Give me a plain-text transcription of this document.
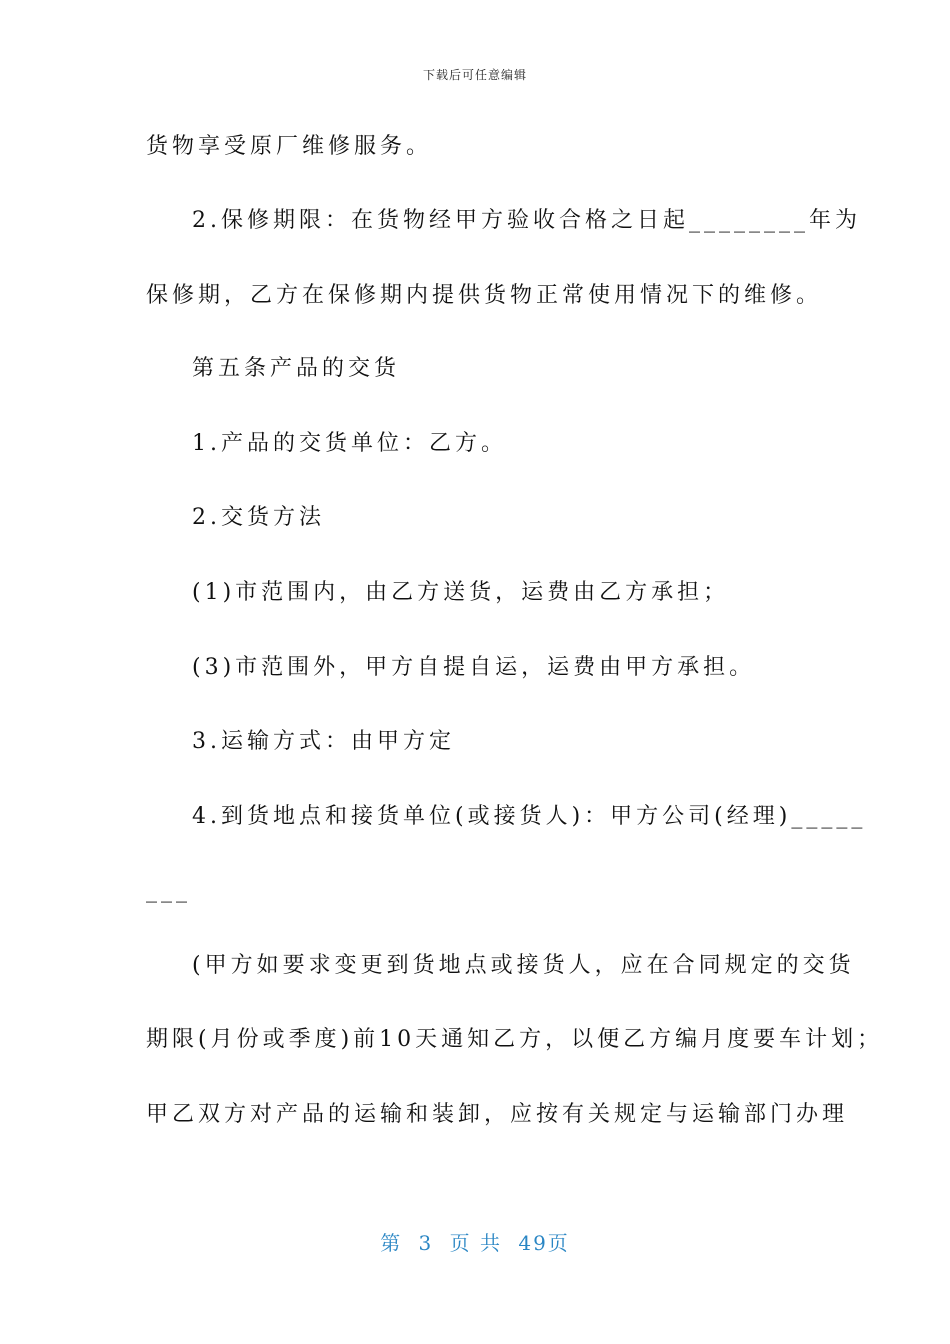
下载后可任意编辑
货物享受原厂维修服务。
2.保修期限：在货物经甲方验收合格之日起________年为
保修期，乙方在保修期内提供货物正常使用情况下的维修。
第五条产品的交货
1.产品的交货单位：乙方。
2.交货方法
(1)市范围内，由乙方送货，运费由乙方承担；
(3)市范围外，甲方自提自运，运费由甲方承担。
3.运输方式：由甲方定
4.到货地点和接货单位(或接货人)：甲方公司(经理)_____
___
(甲方如要求变更到货地点或接货人，应在合同规定的交货
期限(月份或季度)前10天通知乙方，以便乙方编月度要车计划；
甲乙双方对产品的运输和装卸，应按有关规定与运输部门办理
第 3 页 共 49页
